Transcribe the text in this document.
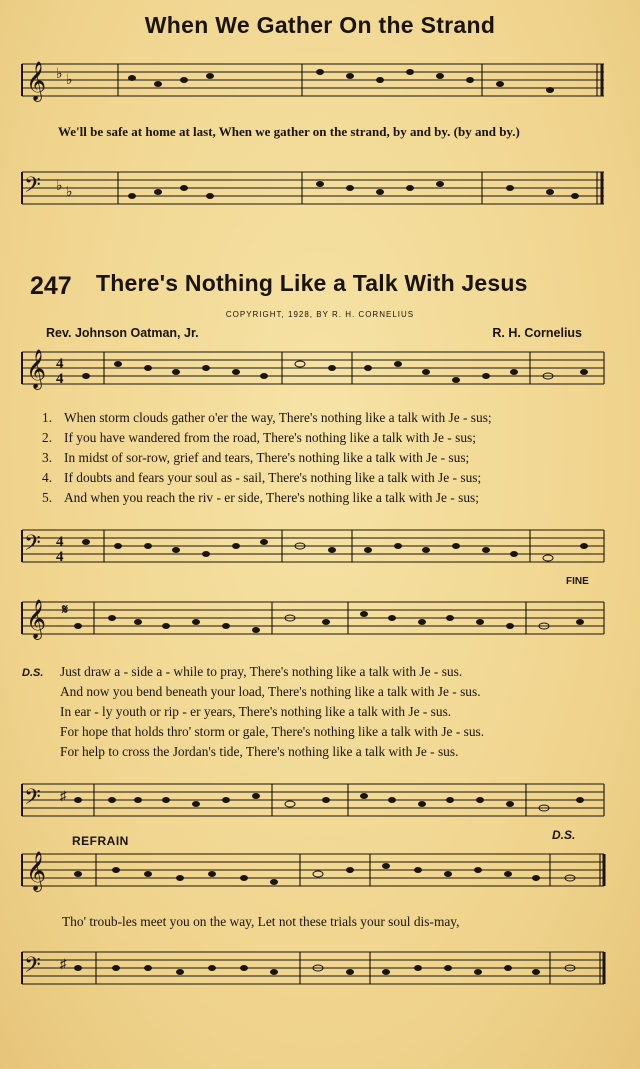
When We Gather On the Strand
𝄞 ♭ ♭
We'll be safe at home at last, When we gather on the strand, by and by. (by and by.)
𝄢 ♭ ♭
247 There's Nothing Like a Talk With Jesus
COPYRIGHT, 1928, BY R. H. CORNELIUS
Rev. Johnson Oatman, Jr.	R. H. Cornelius
𝄞 4
4
1. When storm clouds gather o'er the way, There's nothing like a talk with Je - sus;
2. If you have wandered from the road, There's nothing like a talk with Je - sus;
3. In midst of sor-row, grief and tears, There's nothing like a talk with Je - sus;
4. If doubts and fears your soul as - sail, There's nothing like a talk with Je - sus;
5. And when you reach the riv - er side, There's nothing like a talk with Je - sus;
𝄢 4
4
FINE
𝄞 𝄋
D.S. Just draw a - side a - while to pray, There's nothing like a talk with Je - sus.
And now you bend beneath your load, There's nothing like a talk with Je - sus.
In ear - ly youth or rip - er years, There's nothing like a talk with Je - sus.
For hope that holds thro' storm or gale, There's nothing like a talk with Je - sus.
For help to cross the Jordan's tide, There's nothing like a talk with Je - sus.
𝄢 ♯
REFRAIN	D.S.
𝄞
Tho' troub-les meet you on the way, Let not these trials your soul dis-may,
𝄢 ♯
